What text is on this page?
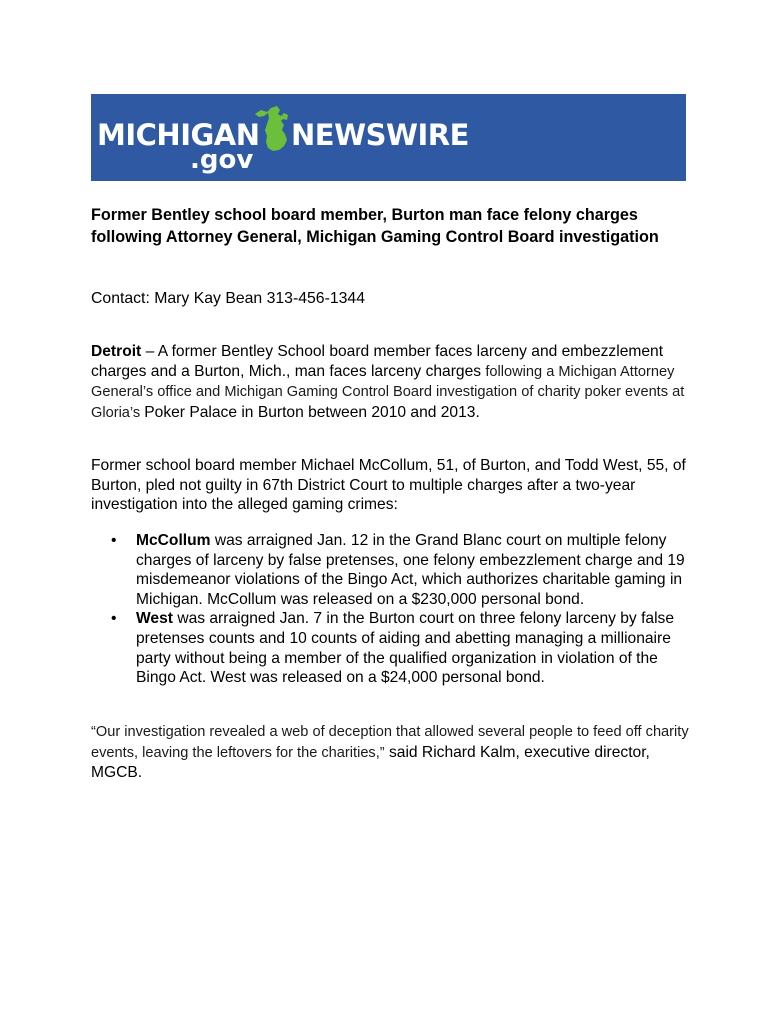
MICHIGAN
.gov
NEWSWIRE

Former Bentley school board member, Burton man face felony charges following Attorney General, Michigan Gaming Control Board investigation

Contact: Mary Kay Bean 313-456-1344

Detroit – A former Bentley School board member faces larceny and embezzlement charges and a Burton, Mich., man faces larceny charges following a Michigan Attorney General’s office and Michigan Gaming Control Board investigation of charity poker events at Gloria’s Poker Palace in Burton between 2010 and 2013.

Former school board member Michael McCollum, 51, of Burton, and Todd West, 55, of Burton, pled not guilty in 67th District Court to multiple charges after a two-year investigation into the alleged gaming crimes:

• McCollum was arraigned Jan. 12 in the Grand Blanc court on multiple felony charges of larceny by false pretenses, one felony embezzlement charge and 19 misdemeanor violations of the Bingo Act, which authorizes charitable gaming in Michigan. McCollum was released on a $230,000 personal bond.
• West was arraigned Jan. 7 in the Burton court on three felony larceny by false pretenses counts and 10 counts of aiding and abetting managing a millionaire party without being a member of the qualified organization in violation of the Bingo Act. West was released on a $24,000 personal bond.

“Our investigation revealed a web of deception that allowed several people to feed off charity events, leaving the leftovers for the charities,” said Richard Kalm, executive director, MGCB.
